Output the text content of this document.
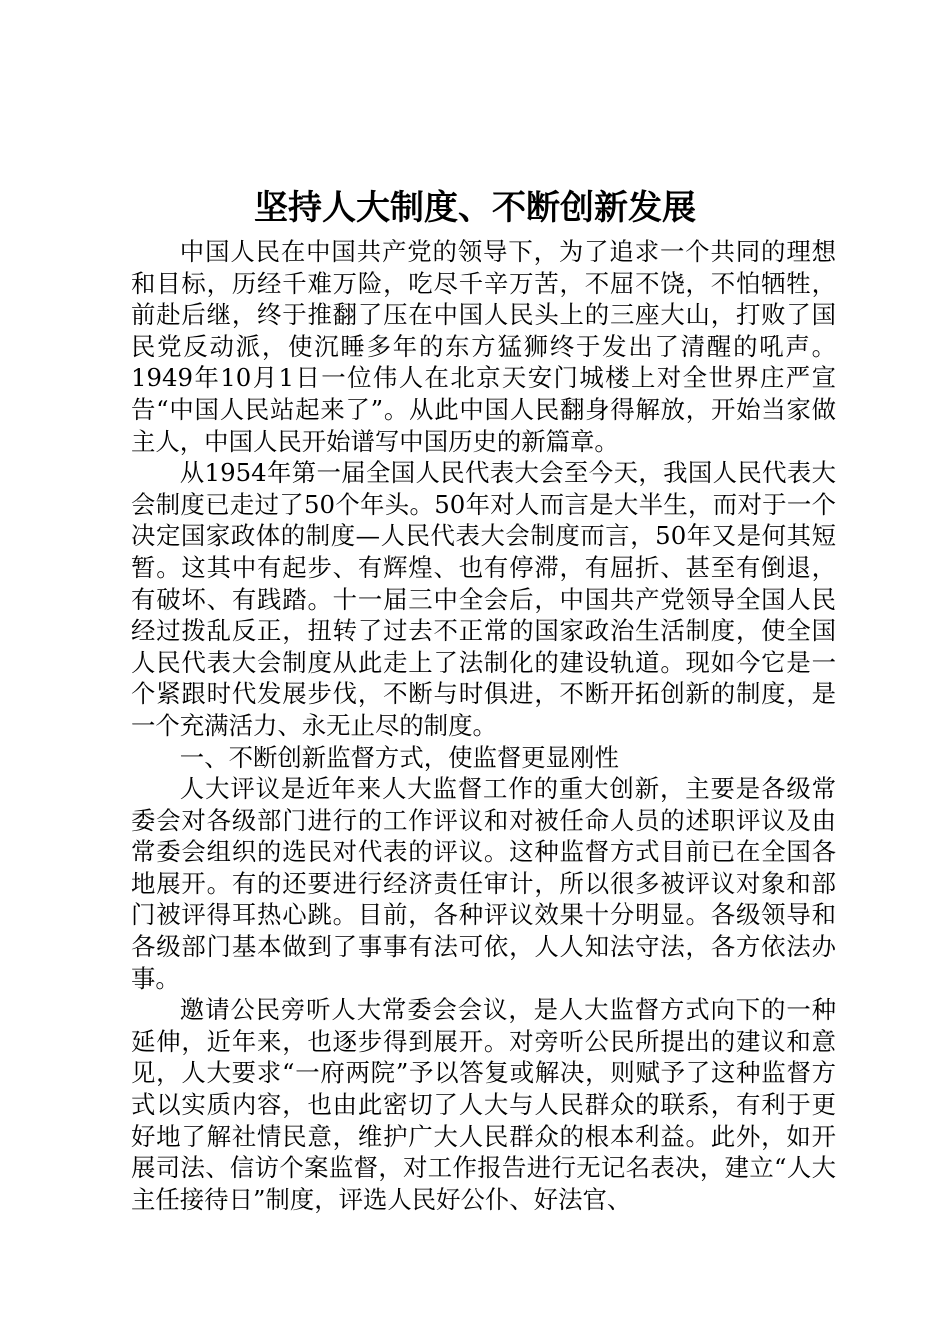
坚持人大制度、不断创新发展

中国人民在中国共产党的领导下，为了追求一个共同的理想和目标，历经千难万险，吃尽千辛万苦，不屈不饶，不怕牺牲，前赴后继，终于推翻了压在中国人民头上的三座大山，打败了国民党反动派，使沉睡多年的东方猛狮终于发出了清醒的吼声。1949年10月1日一位伟人在北京天安门城楼上对全世界庄严宣告“中国人民站起来了”。从此中国人民翻身得解放，开始当家做主人，中国人民开始谱写中国历史的新篇章。

从1954年第一届全国人民代表大会至今天，我国人民代表大会制度已走过了50个年头。50年对人而言是大半生，而对于一个决定国家政体的制度—人民代表大会制度而言，50年又是何其短暂。这其中有起步、有辉煌、也有停滞，有屈折、甚至有倒退，有破坏、有践踏。十一届三中全会后，中国共产党领导全国人民经过拨乱反正，扭转了过去不正常的国家政治生活制度，使全国人民代表大会制度从此走上了法制化的建设轨道。现如今它是一个紧跟时代发展步伐，不断与时俱进，不断开拓创新的制度，是一个充满活力、永无止尽的制度。

一、不断创新监督方式，使监督更显刚性

人大评议是近年来人大监督工作的重大创新，主要是各级常委会对各级部门进行的工作评议和对被任命人员的述职评议及由常委会组织的选民对代表的评议。这种监督方式目前已在全国各地展开。有的还要进行经济责任审计，所以很多被评议对象和部门被评得耳热心跳。目前，各种评议效果十分明显。各级领导和各级部门基本做到了事事有法可依，人人知法守法，各方依法办事。

邀请公民旁听人大常委会会议，是人大监督方式向下的一种延伸，近年来，也逐步得到展开。对旁听公民所提出的建议和意见，人大要求“一府两院”予以答复或解决，则赋予了这种监督方式以实质内容，也由此密切了人大与人民群众的联系，有利于更好地了解社情民意，维护广大人民群众的根本利益。此外，如开展司法、信访个案监督，对工作报告进行无记名表决，建立“人大主任接待日”制度，评选人民好公仆、好法官、
